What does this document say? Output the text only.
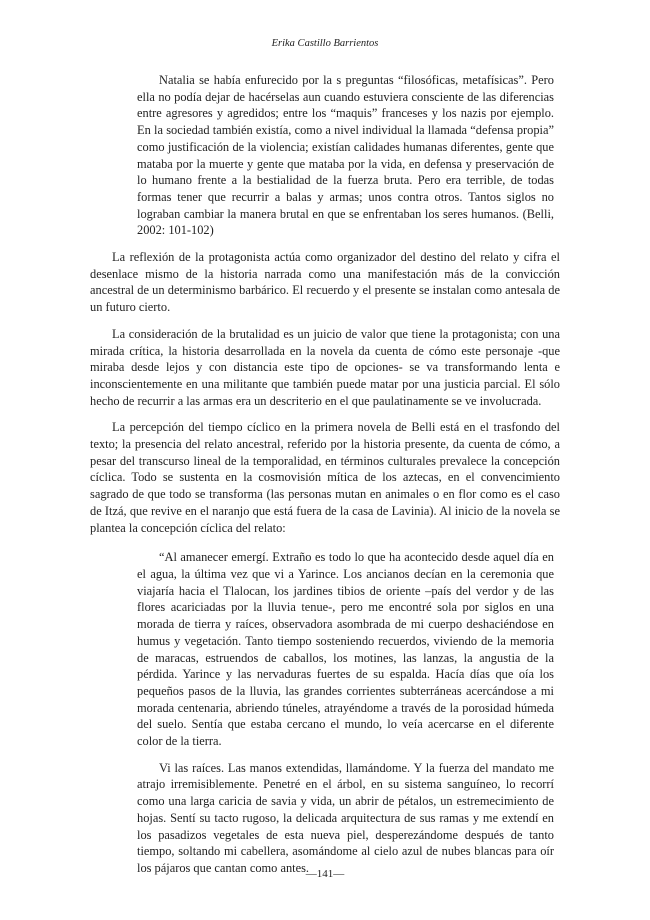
Erika Castillo Barrientos

Natalia se había enfurecido por la s preguntas “filosóficas, metafísicas”. Pero ella no podía dejar de hacérselas aun cuando estuviera consciente de las diferencias entre agresores y agredidos; entre los “maquis” franceses y los nazis por ejemplo. En la sociedad también existía, como a nivel individual la llamada “defensa propia” como justificación de la violencia; existían calidades humanas diferentes, gente que mataba por la muerte y gente que mataba por la vida, en defensa y preservación de lo humano frente a la bestialidad de la fuerza bruta. Pero era terrible, de todas formas tener que recurrir a balas y armas; unos contra otros. Tantos siglos no lograban cambiar la manera brutal en que se enfrentaban los seres humanos. (Belli, 2002: 101-102)

La reflexión de la protagonista actúa como organizador del destino del relato y cifra el desenlace mismo de la historia narrada como una manifestación más de la convicción ancestral de un determinismo barbárico. El recuerdo y el presente se instalan como antesala de un futuro cierto.

La consideración de la brutalidad es un juicio de valor que tiene la protagonista; con una mirada crítica, la historia desarrollada en la novela da cuenta de cómo este personaje -que miraba desde lejos y con distancia este tipo de opciones- se va transformando lenta e inconscientemente en una militante que también puede matar por una justicia parcial. El sólo hecho de recurrir a las armas era un descriterio en el que paulatinamente se ve involucrada.

La percepción del tiempo cíclico en la primera novela de Belli está en el trasfondo del texto; la presencia del relato ancestral, referido por la historia presente, da cuenta de cómo, a pesar del transcurso lineal de la temporalidad, en términos culturales prevalece la concepción cíclica. Todo se sustenta en la cosmovisión mítica de los aztecas, en el convencimiento sagrado de que todo se transforma (las personas mutan en animales o en flor como es el caso de Itzá, que revive en el naranjo que está fuera de la casa de Lavinia). Al inicio de la novela se plantea la concepción cíclica del relato:

“Al amanecer emergí. Extraño es todo lo que ha acontecido desde aquel día en el agua, la última vez que vi a Yarince. Los ancianos decían en la ceremonia que viajaría hacia el Tlalocan, los jardines tibios de oriente –país del verdor y de las flores acariciadas por la lluvia tenue-, pero me encontré sola por siglos en una morada de tierra y raíces, observadora asombrada de mi cuerpo deshaciéndose en humus y vegetación. Tanto tiempo sosteniendo recuerdos, viviendo de la memoria de maracas, estruendos de caballos, los motines, las lanzas, la angustia de la pérdida. Yarince y las nervaduras fuertes de su espalda. Hacía días que oía los pequeños pasos de la lluvia, las grandes corrientes subterráneas acercándose a mi morada centenaria, abriendo túneles, atrayéndome a través de la porosidad húmeda del suelo. Sentía que estaba cercano el mundo, lo veía acercarse en el diferente color de la tierra.

Vi las raíces. Las manos extendidas, llamándome. Y la fuerza del mandato me atrajo irremisiblemente. Penetré en el árbol, en su sistema sanguíneo, lo recorrí como una larga caricia de savia y vida, un abrir de pétalos, un estremecimiento de hojas. Sentí su tacto rugoso, la delicada arquitectura de sus ramas y me extendí en los pasadizos vegetales de esta nueva piel, desperezándome después de tanto tiempo, soltando mi cabellera, asomándome al cielo azul de nubes blancas para oír los pájaros que cantan como antes.

—141—
